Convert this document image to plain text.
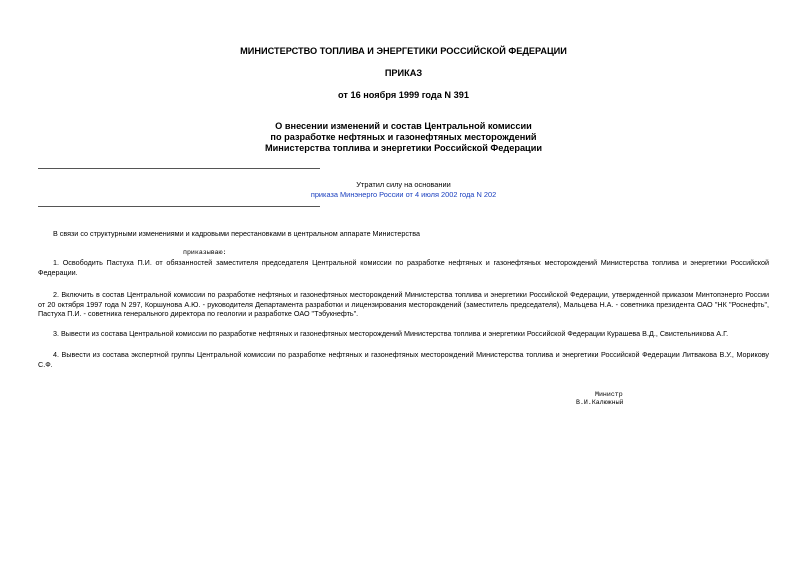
МИНИСТЕРСТВО ТОПЛИВА И ЭНЕРГЕТИКИ РОССИЙСКОЙ ФЕДЕРАЦИИ
ПРИКАЗ
от 16 ноября 1999 года N 391
О внесении изменений и состав Центральной комиссии
по разработке нефтяных и газонефтяных месторождений
Министерства топлива и энергетики Российской Федерации
Утратил силу на основании
приказа Минэнерго России от 4 июля 2002 года N 202
В связи со структурными изменениями и кадровыми перестановками в центральном аппарате Министерства
приказываю:
1. Освободить Пастуха П.И. от обязанностей заместителя председателя Центральной комиссии по разработке нефтяных и газонефтяных месторождений Министерства топлива и энергетики Российской Федерации.
2. Включить в состав Центральной комиссии по разработке нефтяных и газонефтяных месторождений Министерства топлива и энергетики Российской Федерации, утвержденной приказом Минтопэнерго России от 20 октября 1997 года N 297, Коршунова А.Ю. - руководителя Департамента разработки и лицензирования месторождений (заместитель председателя), Мальцева Н.А. - советника президента ОАО "НК "Роснефть", Пастуха П.И. - советника генерального директора по геологии и разработке ОАО "Тэбукнефть".
3. Вывести из состава Центральной комиссии по разработке нефтяных и газонефтяных месторождений Министерства топлива и энергетики Российской Федерации Курашева В.Д., Свистельникова А.Г.
4. Вывести из состава экспертной группы Центральной комиссии по разработке нефтяных и газонефтяных месторождений Министерства топлива и энергетики Российской Федерации Литвакова В.У., Морикову С.Ф.
Министр
В.И.Калюжный
